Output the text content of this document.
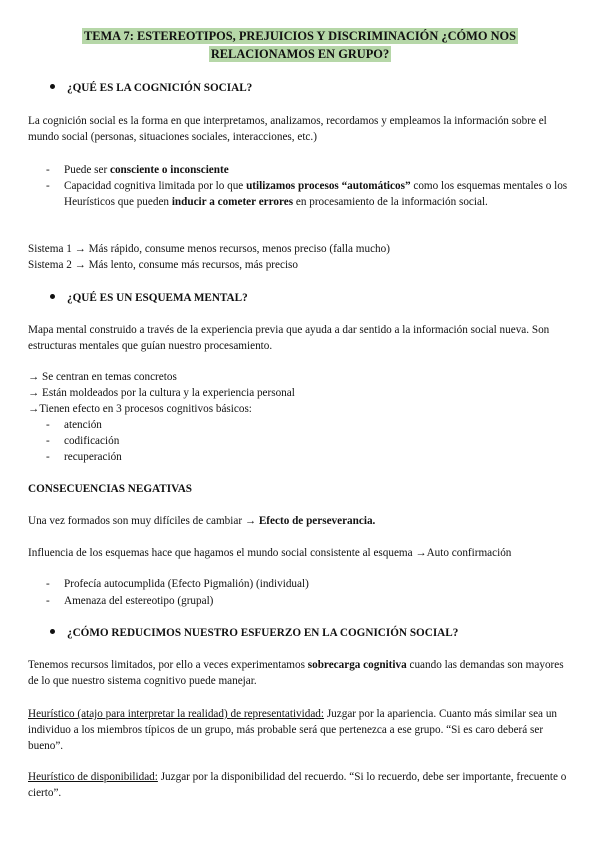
TEMA 7: ESTEREOTIPOS, PREJUICIOS Y DISCRIMINACIÓN ¿CÓMO NOS RELACIONAMOS EN GRUPO?
¿QUÉ ES LA COGNICIÓN SOCIAL?
La cognición social es la forma en que interpretamos, analizamos, recordamos y empleamos la información sobre el mundo social (personas, situaciones sociales, interacciones, etc.)
-	Puede ser consciente o inconsciente
-	Capacidad cognitiva limitada por lo que utilizamos procesos “automáticos” como los esquemas mentales o los Heurísticos que pueden inducir a cometer errores en procesamiento de la información social.
Sistema 1 → Más rápido, consume menos recursos, menos preciso (falla mucho)
Sistema 2 → Más lento, consume más recursos, más preciso
¿QUÉ ES UN ESQUEMA MENTAL?
Mapa mental construido a través de la experiencia previa que ayuda a dar sentido a la información social nueva. Son estructuras mentales que guían nuestro procesamiento.
→ Se centran en temas concretos
→ Están moldeados por la cultura y la experiencia personal
→Tienen efecto en 3 procesos cognitivos básicos:
-	atención
-	codificación
-	recuperación
CONSECUENCIAS NEGATIVAS
Una vez formados son muy difíciles de cambiar → Efecto de perseverancia.
Influencia de los esquemas hace que hagamos el mundo social consistente al esquema →Auto confirmación
-	Profecía autocumplida (Efecto Pigmalión) (individual)
-	Amenaza del estereotipo (grupal)
¿CÓMO REDUCIMOS NUESTRO ESFUERZO EN LA COGNICIÓN SOCIAL?
Tenemos recursos limitados, por ello a veces experimentamos sobrecarga cognitiva cuando las demandas son mayores de lo que nuestro sistema cognitivo puede manejar.
Heurístico (atajo para interpretar la realidad) de representatividad: Juzgar por la apariencia. Cuanto más similar sea un individuo a los miembros típicos de un grupo, más probable será que pertenezca a ese grupo. “Si es caro deberá ser bueno”.
Heurístico de disponibilidad: Juzgar por la disponibilidad del recuerdo. “Si lo recuerdo, debe ser importante, frecuente o cierto”.
